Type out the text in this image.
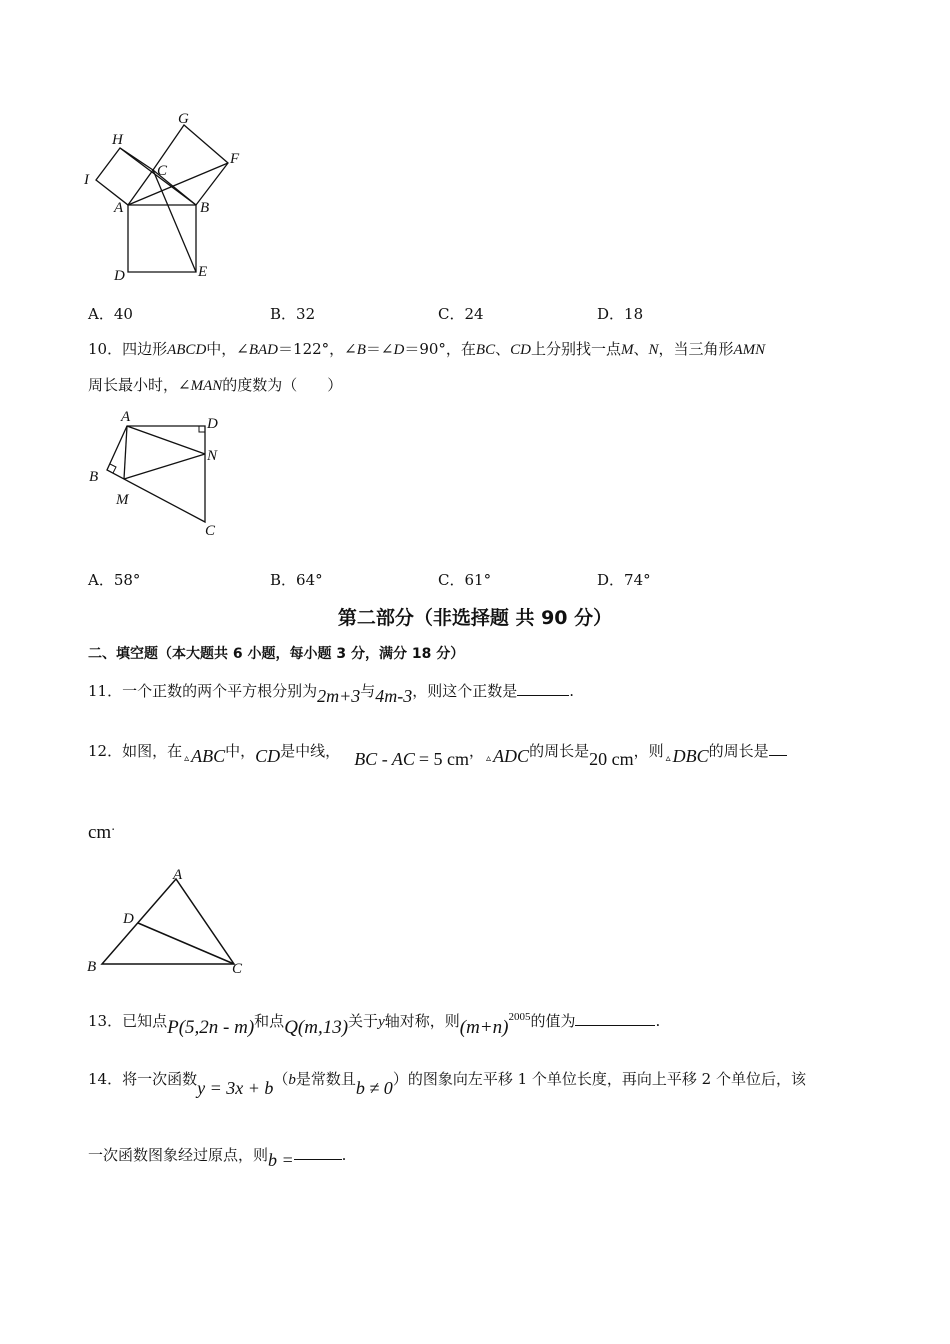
G
H
F
I
C
A	B
D	E
A．40	B．32	C．24	D．18
10．四边形ABCD中，∠BAD＝122°，∠B＝∠D＝90°，在BC、CD上分别找一点M、N，当三角形AMN
周长最小时，∠MAN的度数为（　　）
A	D
N
B
M
C
A．58°	B．64°	C．61°	D．74°
第二部分（非选择题 共 90 分）
二、填空题（本大题共 6 小题，每小题 3 分，满分 18 分）
11．一个正数的两个平方根分别为2m+3与4m-3，则这个正数是	.
12．如图，在 $_▵$ ABC中，CD是中线， BC - AC = 5 cm， $_▵$ ADC的周长是20 cm，则 $_▵$ DBC的周长是
cm.
A
D
B	C
13．已知点P(5,2n - m)和点Q(m,13)关于y轴对称，则$(m+n)^{2005}$的值为	.
14．将一次函数y = 3x + b（b是常数且b ≠ 0）的图象向左平移 1 个单位长度，再向上平移 2 个单位后，该
一次函数图象经过原点，则b =	.
